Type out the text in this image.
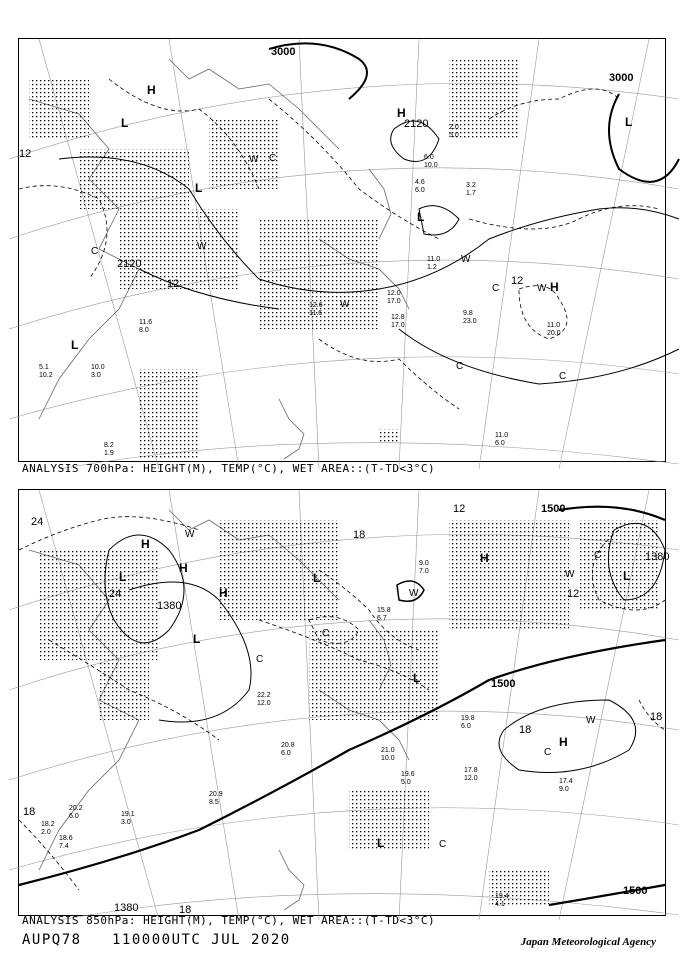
H
H
H
L
L
L
L
L
C
C
C
C
C
W
W
W
W
W
3000
3000
2120
2120
12
12	12
11.0
20.0
9.8
23.0
11.0
6.0
12.0
17.0
10.0
3.0
8.2
1.9
11.6
8.0
5.1
10.2
2.0
5.0
6.0
10.0
12.6
11.6
12.8
17.0
11.0
1.2
3.2
1.7
4.6
6.0
ANALYSIS 700hPa: HEIGHT(M), TEMP(°C), WET AREA::(T-TD<3°C)
H
H
H
H
H
L
L
L
L
L
L
C
C
C
C
C
W
W
W
W
1500
1500
1500
1380
1380
1380
24
24
18
18
18
18
18
12
12
19.4
4.1
17.4
9.0
17.8
12.0
21.0
10.0
19.6
5.0
20.8
6.0
19.8
6.0
22.2
12.0
20.9
8.5
20.2
6.0
18.2
2.0
19.1
3.0
18.6
7.4
15.8
6.7
9.0
7.0
ANALYSIS 850hPa: HEIGHT(M), TEMP(°C), WET AREA::(T-TD<3°C)
AUPQ78 110000UTC JUL 2020	Japan Meteorological Agency
